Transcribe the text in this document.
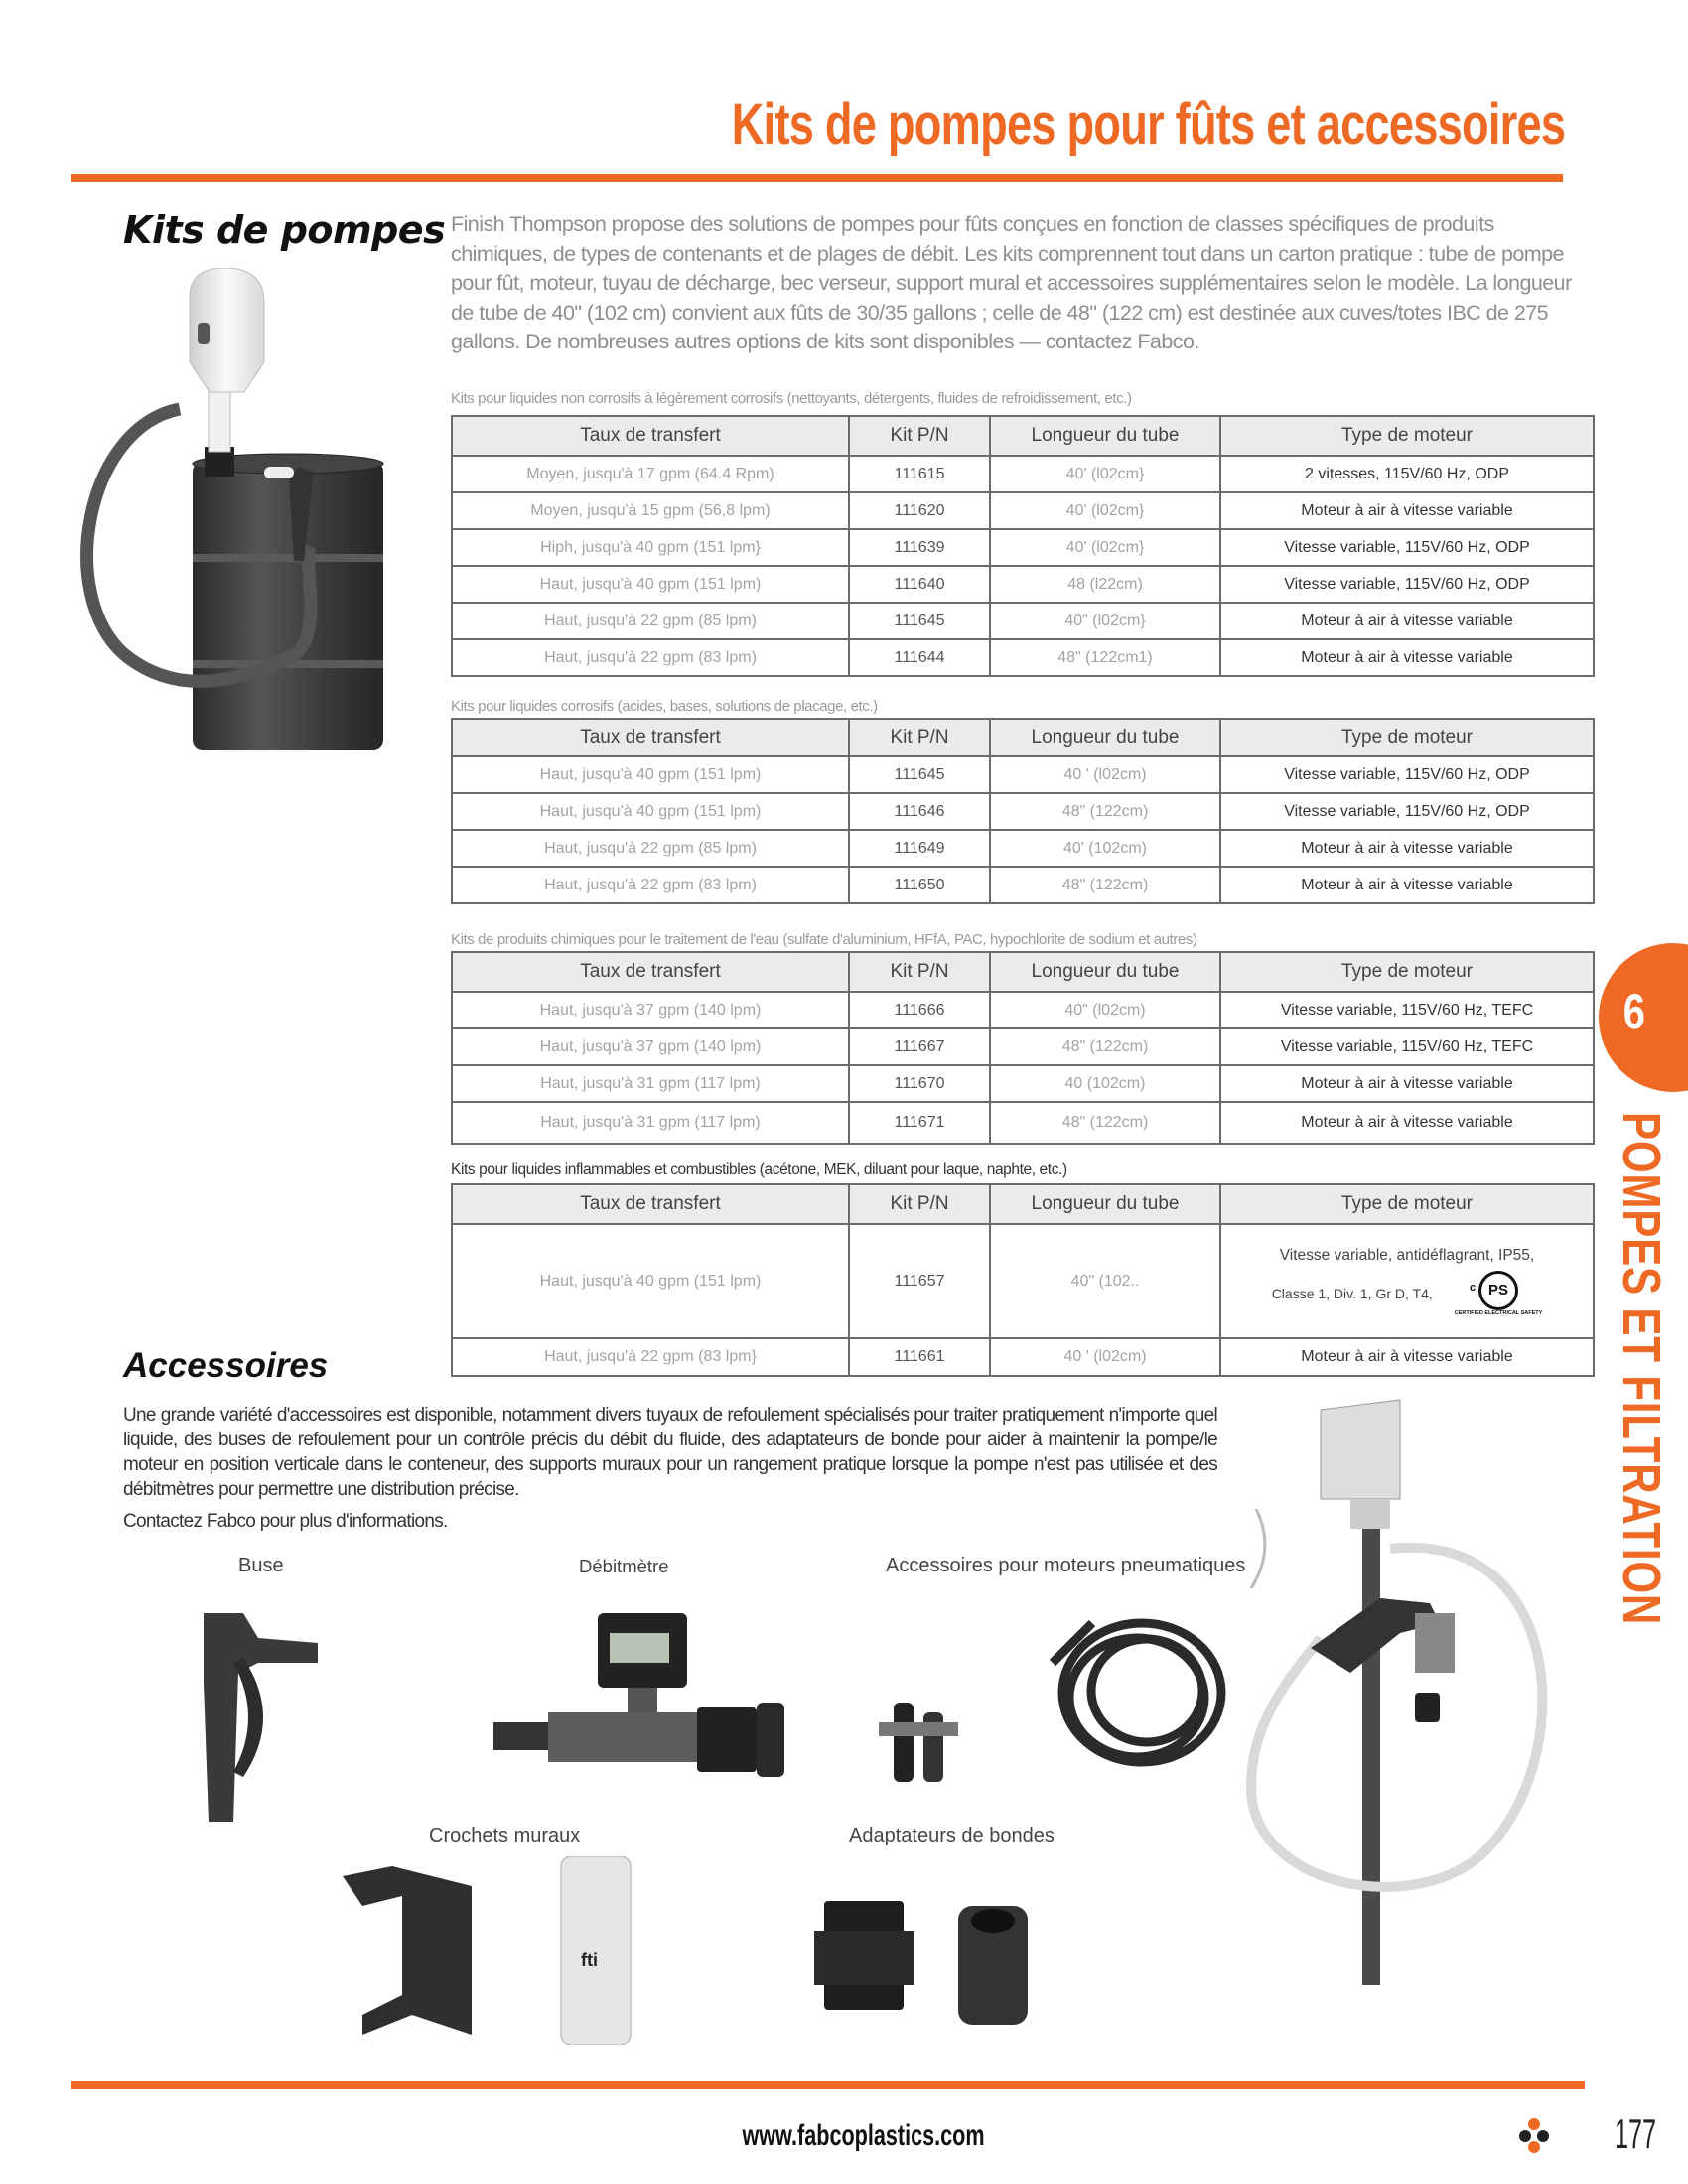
Kits de pompes pour fûts et accessoires
Kits de pompes Finish Thompson propose des solutions de pompes pour fûts conçues en fonction de classes spécifiques de produits chimiques, de types de contenants et de plages de débit. Les kits comprennent tout dans un carton pratique : tube de pompe pour fût, moteur, tuyau de décharge, bec verseur, support mural et accessoires supplémentaires selon le modèle. La longueur de tube de 40" (102 cm) convient aux fûts de 30/35 gallons ; celle de 48" (122 cm) est destinée aux cuves/totes IBC de 275 gallons. De nombreuses autres options de kits sont disponibles — contactez Fabco.
Kits pour liquides non corrosifs à légèrement corrosifs (nettoyants, détergents, fluides de refroidissement, etc.)
Taux de transfert	Kit P/N	Longueur du tube	Type de moteur
Moyen, jusqu'à 17 gpm (64.4 Rpm)	111615	40' (l02cm}	2 vitesses, 115V/60 Hz, ODP
Moyen, jusqu'à 15 gpm (56,8 lpm)	111620	40' (l02cm}	Moteur à air à vitesse variable
Hiph, jusqu'à 40 gpm (151 lpm}	111639	40' (l02cm}	Vitesse variable, 115V/60 Hz, ODP
Haut, jusqu'à 40 gpm (151 lpm)	111640	48 (l22cm)	Vitesse variable, 115V/60 Hz, ODP
Haut, jusqu'à 22 gpm (85 lpm)	111645	40" (l02cm}	Moteur à air à vitesse variable
Haut, jusqu'à 22 gpm (83 lpm)	111644	48" (122cm1)	Moteur à air à vitesse variable
Kits pour liquides corrosifs (acides, bases, solutions de placage, etc.)
Taux de transfert	Kit P/N	Longueur du tube	Type de moteur
Haut, jusqu'à 40 gpm (151 lpm)	111645	40 ' (l02cm)	Vitesse variable, 115V/60 Hz, ODP
Haut, jusqu'à 40 gpm (151 lpm)	111646	48" (122cm)	Vitesse variable, 115V/60 Hz, ODP
Haut, jusqu'à 22 gpm (85 lpm)	111649	40' (102cm)	Moteur à air à vitesse variable
Haut, jusqu'à 22 gpm (83 lpm)	111650	48" (122cm)	Moteur à air à vitesse variable
Kits de produits chimiques pour le traitement de l'eau (sulfate d'aluminium, HFfA, PAC, hypochlorite de sodium et autres)
Taux de transfert	Kit P/N	Longueur du tube	Type de moteur
Haut, jusqu'à 37 gpm (140 lpm)	111666	40" (l02cm)	Vitesse variable, 115V/60 Hz, TEFC
Haut, jusqu'à 37 gpm (140 lpm)	111667	48" (122cm)	Vitesse variable, 115V/60 Hz, TEFC
Haut, jusqu'à 31 gpm (117 lpm)	111670	40 (102cm)	Moteur à air à vitesse variable
Haut, jusqu'à 31 gpm (117 lpm)	111671	48" (122cm)	Moteur à air à vitesse variable
Kits pour liquides inflammables et combustibles (acétone, MEK, diluant pour laque, naphte, etc.)
Taux de transfert	Kit P/N	Longueur du tube	Type de moteur
Haut, jusqu'à 40 gpm (151 lpm)	111657	40" (102..	Vitesse variable, antidéflagrant, IP55,
Classe 1, Div. 1, Gr D, T4, c PS
CERTIFIED ELECTRICAL SAFETY

Haut, jusqu'à 22 gpm (83 lpm}	111661	40 ' (l02cm)	Moteur à air à vitesse variable
6
POMPES ET FILTRATION
Accessoires
Une grande variété d'accessoires est disponible, notamment divers tuyaux de refoulement spécialisés pour traiter pratiquement n'importe quel liquide, des buses de refoulement pour un contrôle précis du débit du fluide, des adaptateurs de bonde pour aider à maintenir la pompe/le moteur en position verticale dans le conteneur, des supports muraux pour un rangement pratique lorsque la pompe n'est pas utilisée et des débitmètres pour permettre une distribution précise.
Contactez Fabco pour plus d'informations.
Buse	Débitmètre	Accessoires pour moteurs pneumatiques
Crochets muraux	Adaptateurs de bondes
fti
www.fabcoplastics.com	177
